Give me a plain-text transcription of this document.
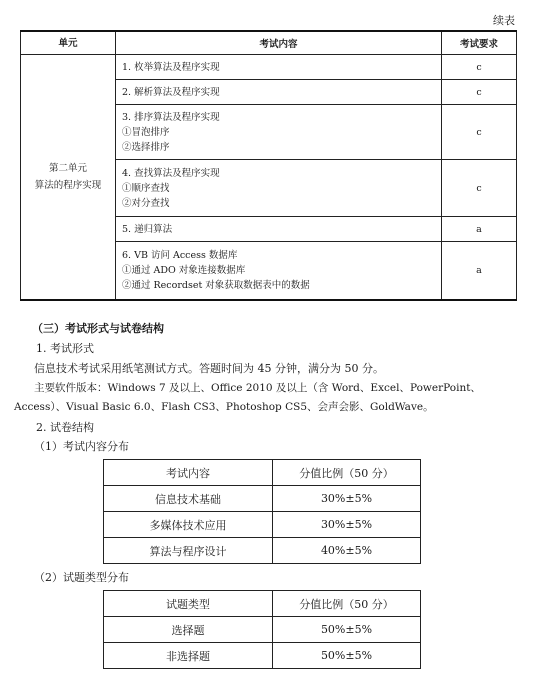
续表
单元	考试内容	考试要求

第二单元
算法的程序实现	1. 枚举算法及程序实现	c

	2. 解析算法及程序实现	c

	3. 排序算法及程序实现
①冒泡排序
②选择排序	c

	4. 查找算法及程序实现
①顺序查找
②对分查找	c

	5. 递归算法	a

	6. VB 访问 Access 数据库
①通过 ADO 对象连接数据库
②通过 Recordset 对象获取数据表中的数据	a
（三）考试形式与试卷结构
1. 考试形式
信息技术考试采用纸笔测试方式。答题时间为 45 分钟，满分为 50 分。
主要软件版本：Windows 7 及以上、Office 2010 及以上（含 Word、Excel、PowerPoint、
Access）、Visual Basic 6.0、Flash CS3、Photoshop CS5、会声会影、GoldWave。
2. 试卷结构
（1）考试内容分布
考试内容	分值比例（50 分）
信息技术基础	30%±5%
多媒体技术应用	30%±5%
算法与程序设计	40%±5%
（2）试题类型分布
试题类型	分值比例（50 分）
选择题	50%±5%
非选择题	50%±5%
